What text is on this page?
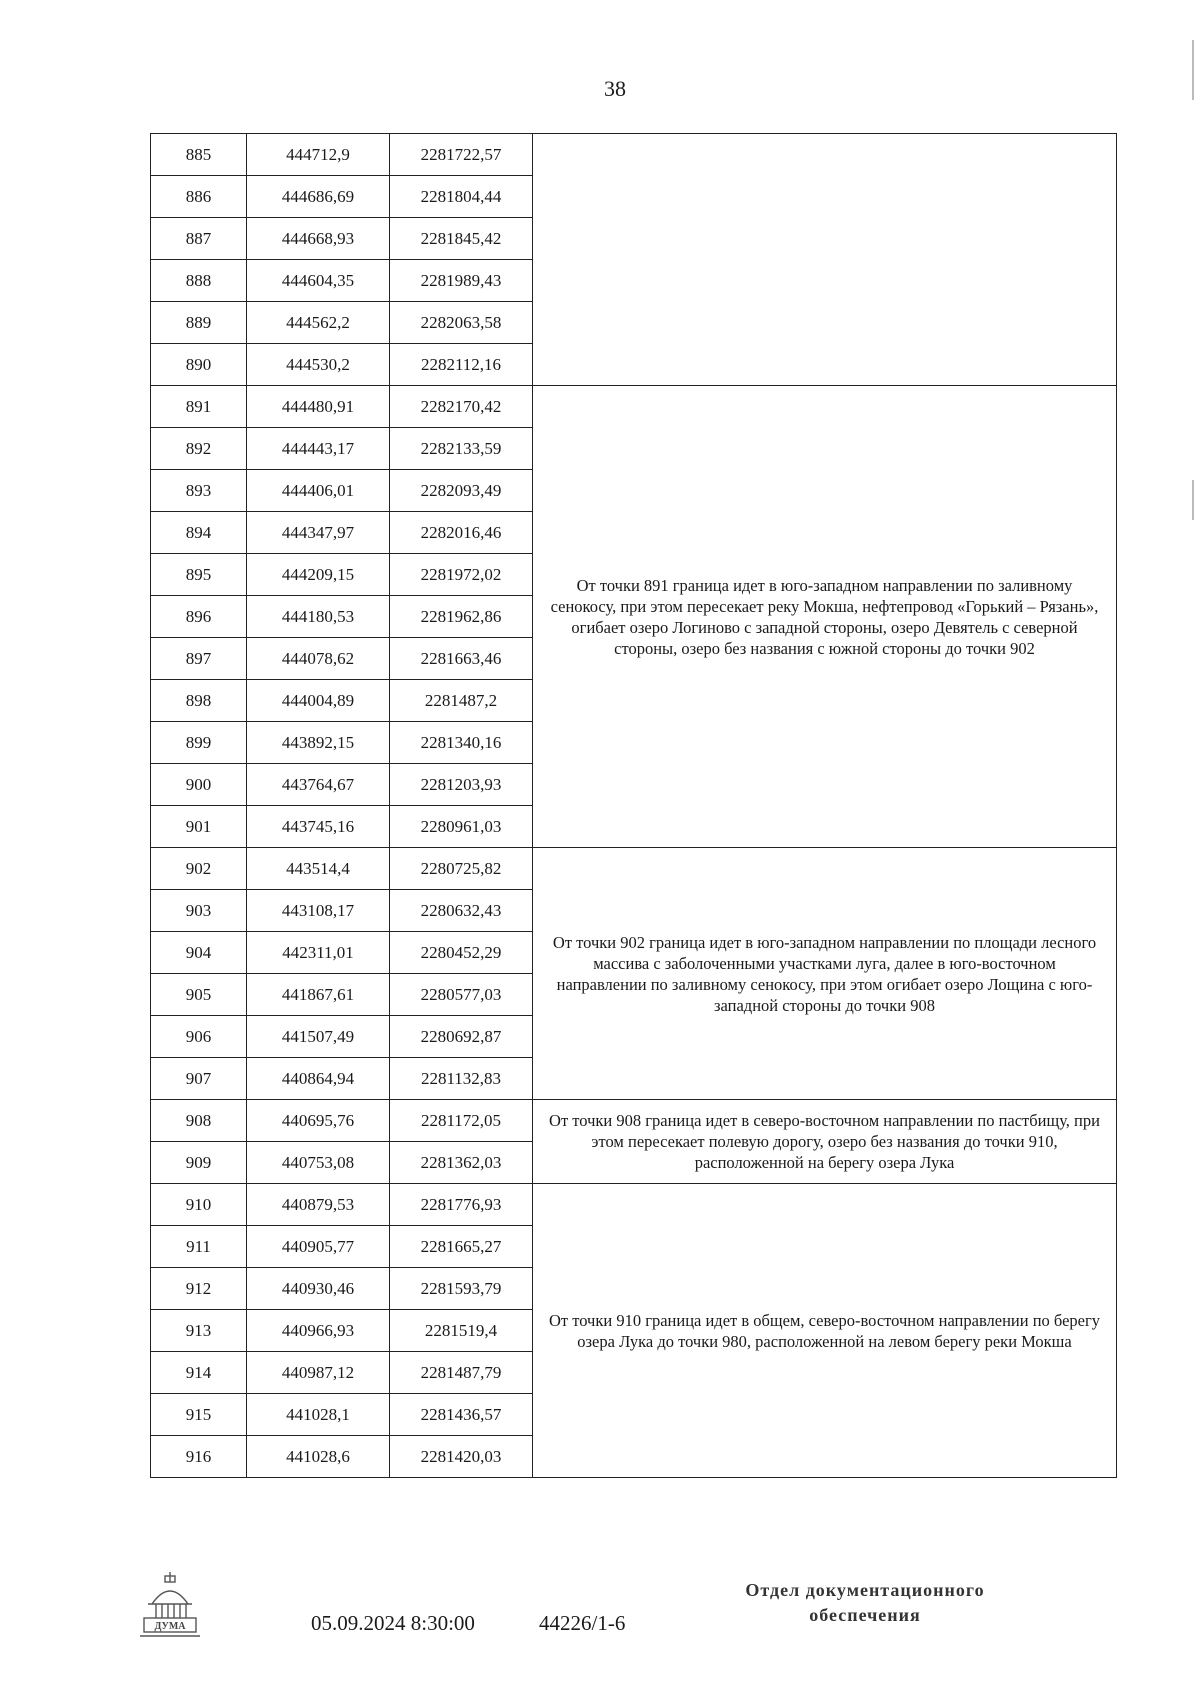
38
885	444712,9	2281722,57	
886	444686,69	2281804,44	
887	444668,93	2281845,42	
888	444604,35	2281989,43	
889	444562,2	2282063,58	
890	444530,2	2282112,16	
891	444480,91	2282170,42	От точки 891 граница идет в юго-западном направлении по заливному сенокосу, при этом пересекает реку Мокша, нефтепровод «Горький – Рязань», огибает озеро Логиново с западной стороны, озеро Девятель с северной стороны, озеро без названия с южной стороны до точки 902
892	444443,17	2282133,59	
893	444406,01	2282093,49	
894	444347,97	2282016,46	
895	444209,15	2281972,02	
896	444180,53	2281962,86	
897	444078,62	2281663,46	
898	444004,89	2281487,2	
899	443892,15	2281340,16	
900	443764,67	2281203,93	
901	443745,16	2280961,03	
902	443514,4	2280725,82	От точки 902 граница идет в юго-западном направлении по площади лесного массива с заболоченными участками луга, далее в юго-восточном направлении по заливному сенокосу, при этом огибает озеро Лощина с юго-западной стороны до точки 908
903	443108,17	2280632,43	
904	442311,01	2280452,29	
905	441867,61	2280577,03	
906	441507,49	2280692,87	
907	440864,94	2281132,83	
908	440695,76	2281172,05	От точки 908 граница идет в северо-восточном направлении по пастбищу, при этом пересекает полевую дорогу, озеро без названия до точки 910, расположенной на берегу озера Лука
909	440753,08	2281362,03	
910	440879,53	2281776,93	От точки 910 граница идет в общем, северо-восточном направлении по берегу озера Лука до точки 980, расположенной на левом берегу реки Мокша
911	440905,77	2281665,27	
912	440930,46	2281593,79	
913	440966,93	2281519,4	
914	440987,12	2281487,79	
915	441028,1	2281436,57	
916	441028,6	2281420,03	
ДУМА	05.09.2024 8:30:00	44226/1-6
Отдел документационного
обеспечения
